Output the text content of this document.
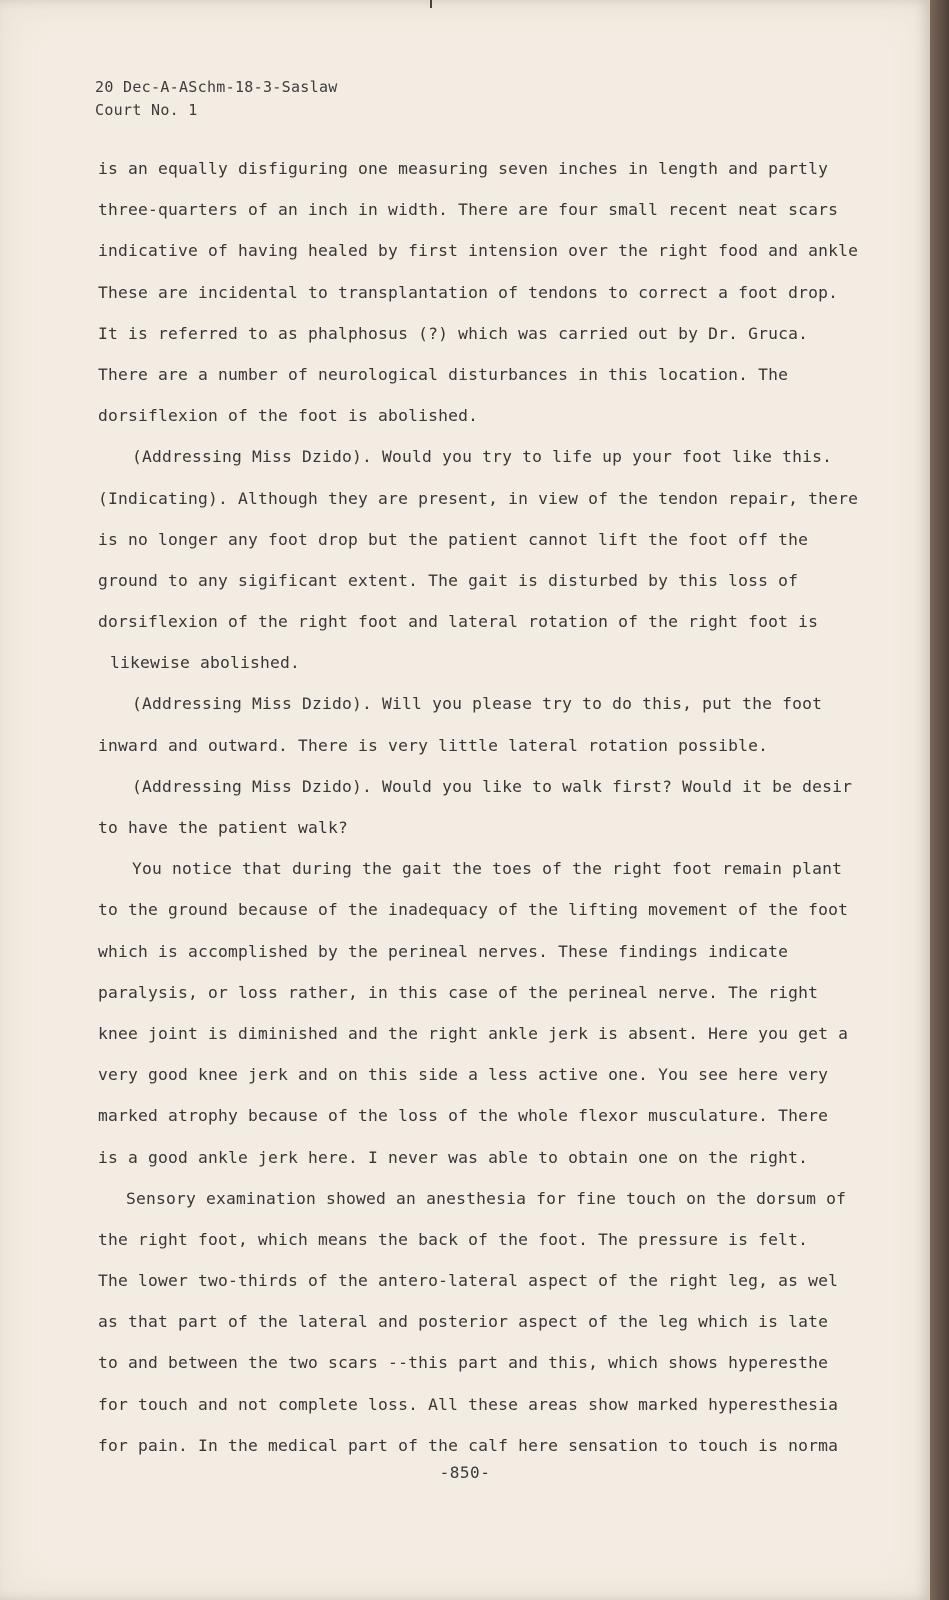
20 Dec-A-ASchm-18-3-Saslaw
Court No. 1
is an equally disfiguring one measuring seven inches in length and partly
three-quarters of an inch in width. There are four small recent neat scars
indicative of having healed by first intension over the right food and ankle
These are incidental to transplantation of tendons to correct a foot drop.
It is referred to as phalphosus (?) which was carried out by Dr. Gruca.
There are a number of neurological disturbances in this location. The
dorsiflexion of the foot is abolished.
(Addressing Miss Dzido). Would you try to life up your foot like this.
(Indicating). Although they are present, in view of the tendon repair, there
is no longer any foot drop but the patient cannot lift the foot off the
ground to any sigificant extent. The gait is disturbed by this loss of
dorsiflexion of the right foot and lateral rotation of the right foot is
likewise abolished.
(Addressing Miss Dzido). Will you please try to do this, put the foot
inward and outward. There is very little lateral rotation possible.
(Addressing Miss Dzido). Would you like to walk first? Would it be desir
to have the patient walk?
You notice that during the gait the toes of the right foot remain plant
to the ground because of the inadequacy of the lifting movement of the foot
which is accomplished by the perineal nerves. These findings indicate
paralysis, or loss rather, in this case of the perineal nerve. The right
knee joint is diminished and the right ankle jerk is absent. Here you get a
very good knee jerk and on this side a less active one. You see here very
marked atrophy because of the loss of the whole flexor musculature. There
is a good ankle jerk here. I never was able to obtain one on the right.
Sensory examination showed an anesthesia for fine touch on the dorsum of
the right foot, which means the back of the foot. The pressure is felt.
The lower two-thirds of the antero-lateral aspect of the right leg, as wel
as that part of the lateral and posterior aspect of the leg which is late
to and between the two scars --this part and this, which shows hyperesthe
for touch and not complete loss. All these areas show marked hyperesthesia
for pain. In the medical part of the calf here sensation to touch is norma
-850-
